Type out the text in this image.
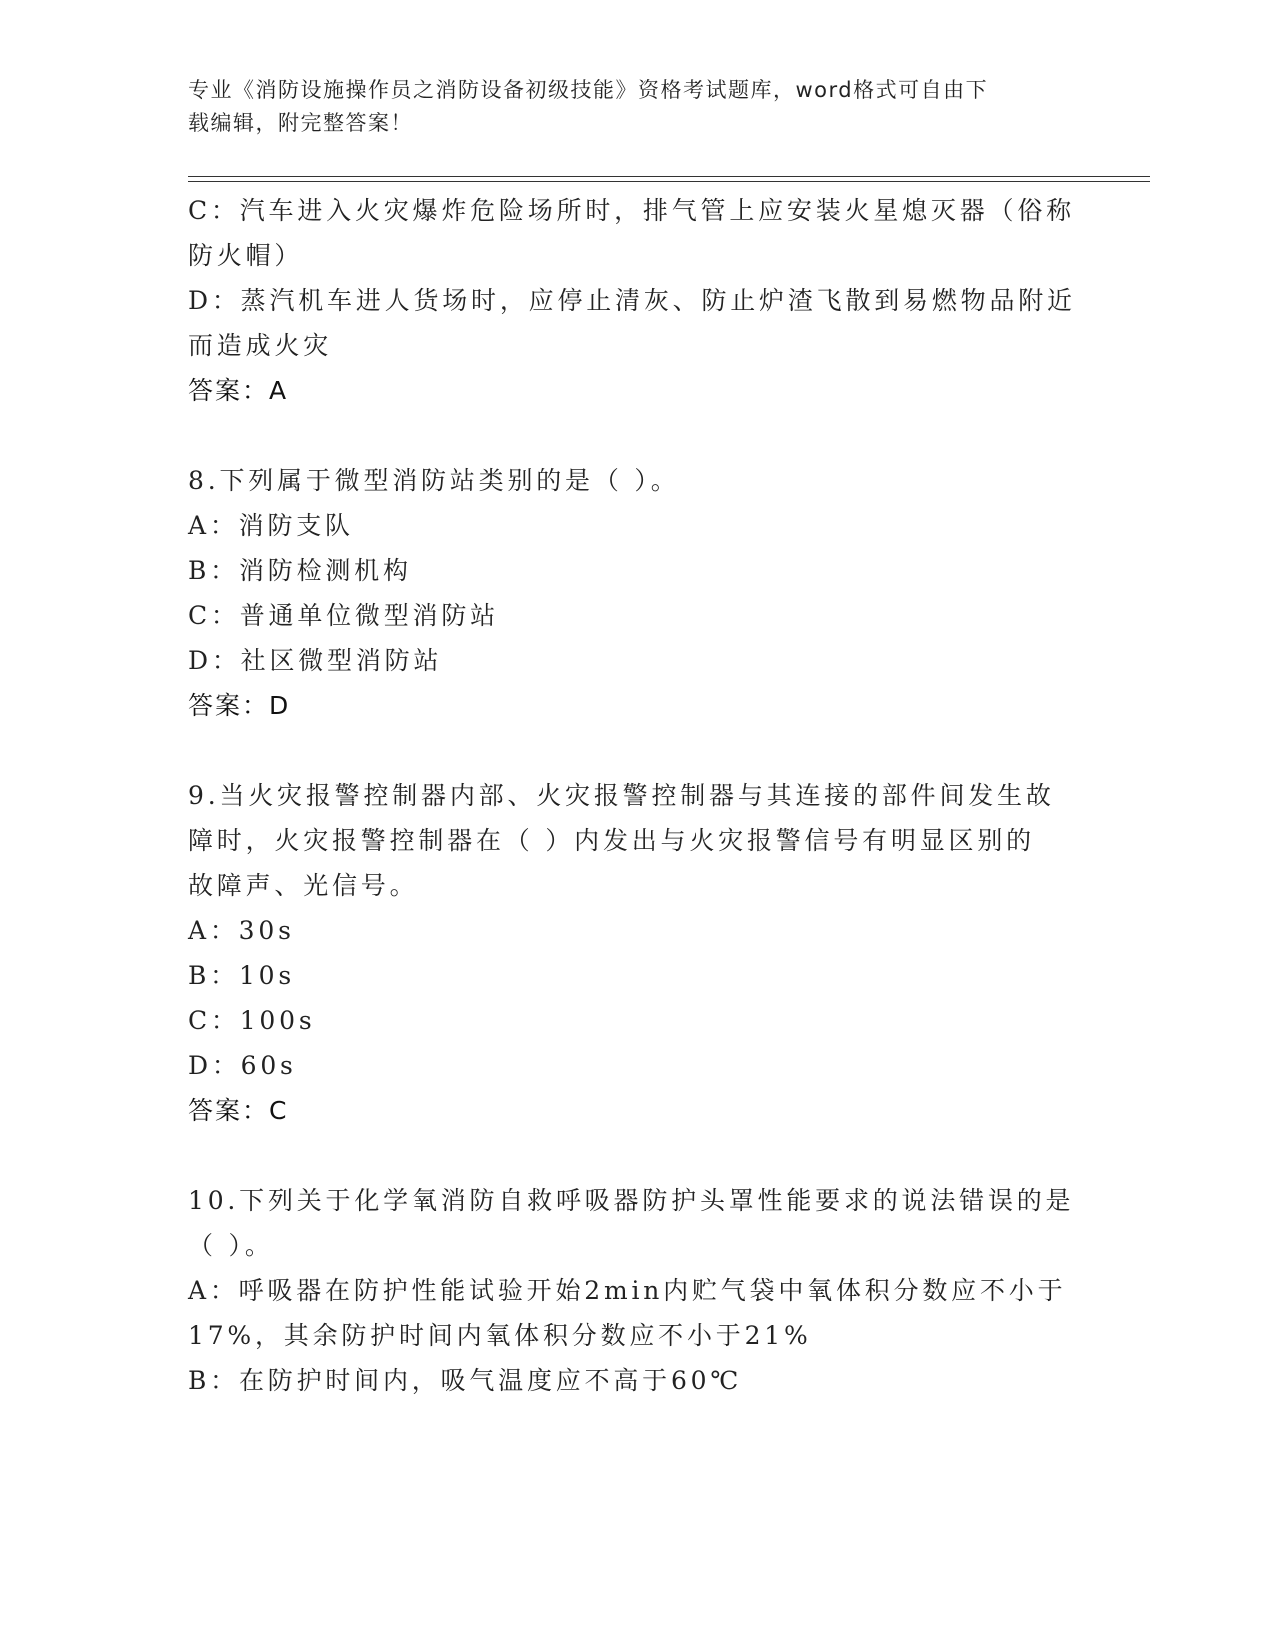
专业《消防设施操作员之消防设备初级技能》资格考试题库，word格式可自由下
载编辑，附完整答案！
C：汽车进入火灾爆炸危险场所时，排气管上应安装火星熄灭器（俗称
防火帽）
D：蒸汽机车进人货场时，应停止清灰、防止炉渣飞散到易燃物品附近
而造成火灾
答案：A
8.下列属于微型消防站类别的是（ ）。
A：消防支队
B：消防检测机构
C：普通单位微型消防站
D：社区微型消防站
答案：D
9.当火灾报警控制器内部、火灾报警控制器与其连接的部件间发生故
障时，火灾报警控制器在（ ）内发出与火灾报警信号有明显区别的
故障声、光信号。
A：30s
B：10s
C：100s
D：60s
答案：C
10.下列关于化学氧消防自救呼吸器防护头罩性能要求的说法错误的是
（ ）。
A：呼吸器在防护性能试验开始2min内贮气袋中氧体积分数应不小于
17%，其余防护时间内氧体积分数应不小于21%
B：在防护时间内，吸气温度应不高于60℃
